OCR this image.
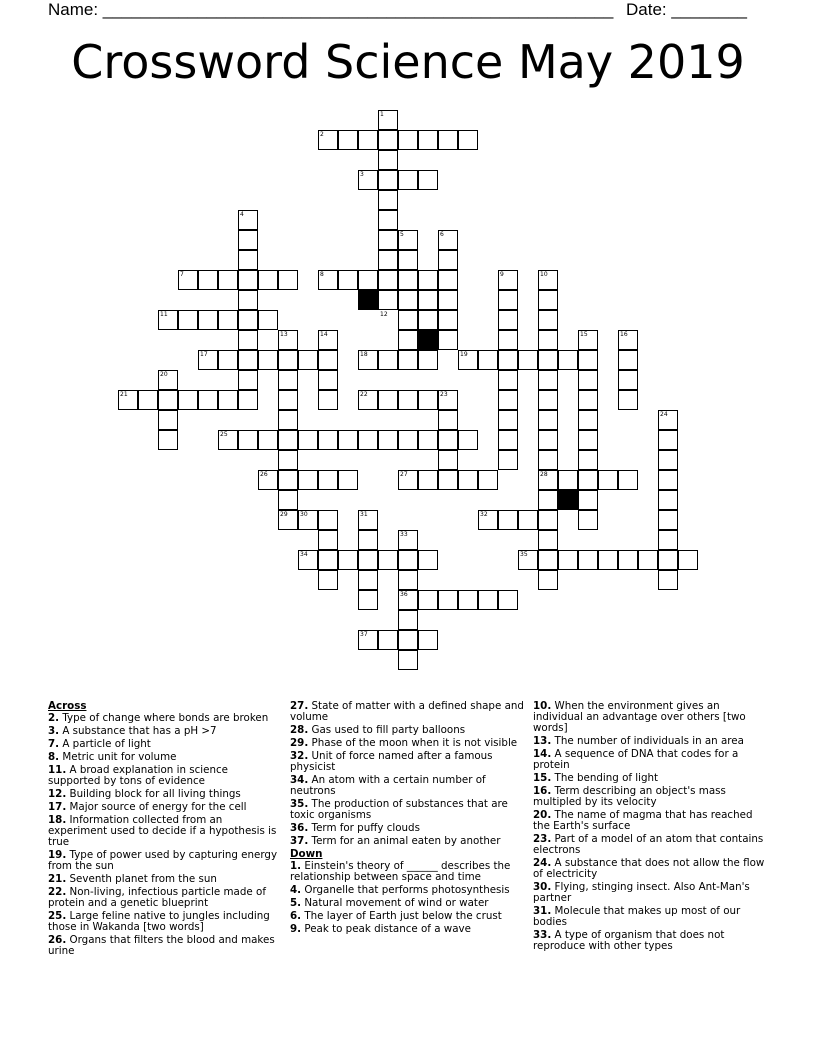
Name: ______________________________________________________ Date: ________
Crossword Science May 2019
1
2
3
4
5	6
7	8	9	10
11	12
13	14	15	16
17	18	19
20
21	22	23
24
25
26	27	28
29 30	31	32
33
34	35
36
37
Across
2. Type of change where bonds are broken
3. A substance that has a pH >7
7. A particle of light
8. Metric unit for volume
11. A broad explanation in science supported by tons of evidence
12. Building block for all living things
17. Major source of energy for the cell
18. Information collected from an experiment used to decide if a hypothesis is true
19. Type of power used by capturing energy from the sun
21. Seventh planet from the sun
22. Non-living, infectious particle made of protein and a genetic blueprint
25. Large feline native to jungles including those in Wakanda [two words]
26. Organs that filters the blood and makes urine
27. State of matter with a defined shape and volume
28. Gas used to fill party balloons
29. Phase of the moon when it is not visible
32. Unit of force named after a famous physicist
34. An atom with a certain number of neutrons
35. The production of substances that are toxic organisms
36. Term for puffy clouds
37. Term for an animal eaten by another
Down
1. Einstein's theory of ______ describes the relationship between space and time
4. Organelle that performs photosynthesis
5. Natural movement of wind or water
6. The layer of Earth just below the crust
9. Peak to peak distance of a wave
10. When the environment gives an individual an advantage over others [two words]
13. The number of individuals in an area
14. A sequence of DNA that codes for a protein
15. The bending of light
16. Term describing an object's mass multipled by its velocity
20. The name of magma that has reached the Earth's surface
23. Part of a model of an atom that contains electrons
24. A substance that does not allow the flow of electricity
30. Flying, stinging insect. Also Ant-Man's partner
31. Molecule that makes up most of our bodies
33. A type of organism that does not reproduce with other types
